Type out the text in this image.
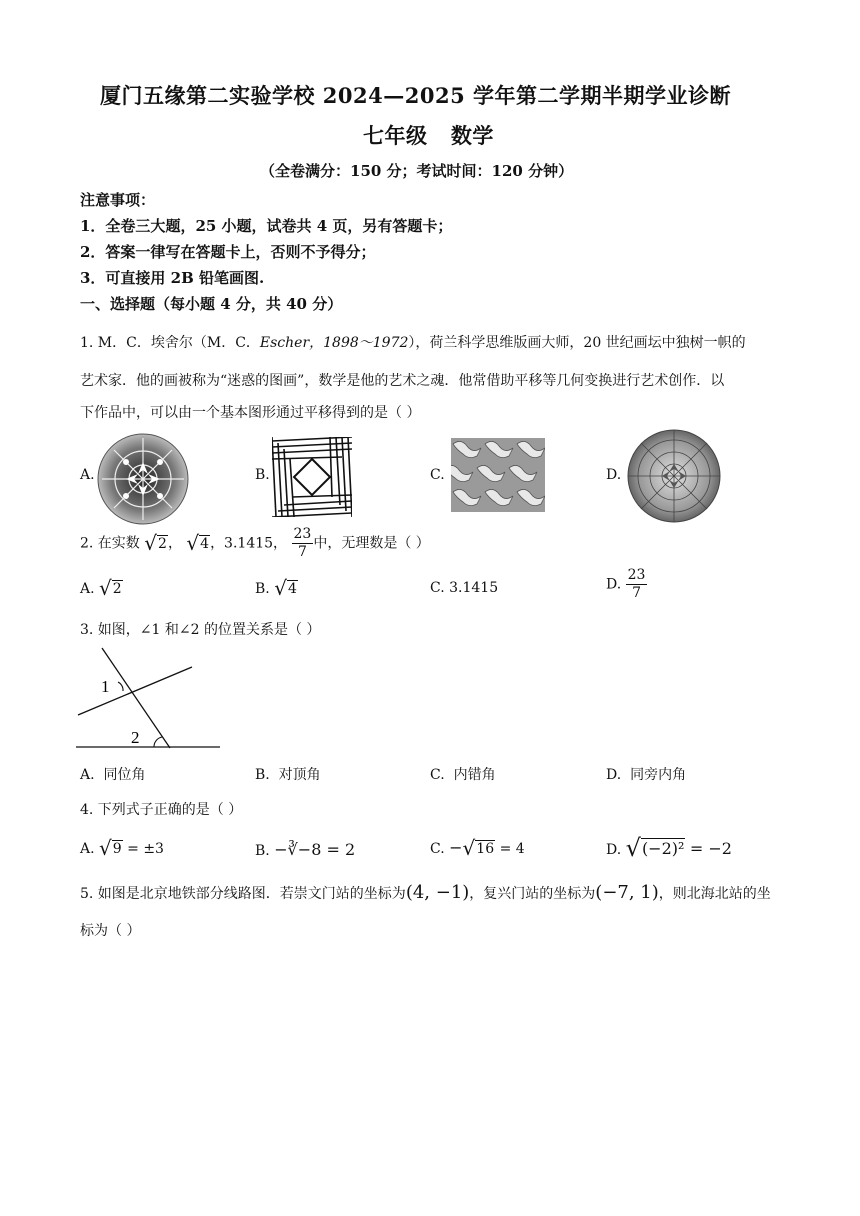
厦门五缘第二实验学校 2024—2025 学年第二学期半期学业诊断
七年级   数学
（全卷满分：150 分；考试时间：120 分钟）
注意事项：
1．全卷三大题，25 小题，试卷共 4 页，另有答题卡；
2．答案一律写在答题卡上，否则不予得分；
3．可直接用 2B 铅笔画图.
一、选择题（每小题 4 分，共 40 分）
1. M．C．埃舍尔（M．C．Escher，1898～1972），荷兰科学思维版画大师，20 世纪画坛中独树一帜的
艺术家．他的画被称为“迷惑的图画”，数学是他的艺术之魂．他常借助平移等几何变换进行艺术创作．以
下作品中，可以由一个基本图形通过平移得到的是（ ）
A.	B.	C.	D.
2. 在实数 √2， √4，3.1415， $\frac{23}{7}$ 中，无理数是（ ）
A. √2	B. √4	C. 3.1415	D. $\frac{23}{7}$
3. 如图，∠1 和∠2 的位置关系是（ ）
1
2
A.  同位角	B.  对顶角	C.  内错角	D.  同旁内角
4. 下列式子正确的是（ ）
A. √9 = ±3	B. −∛−8 = 2	C. −√16 = 4	D. √(−2)² = −2
5. 如图是北京地铁部分线路图．若崇文门站的坐标为(4, −1)，复兴门站的坐标为(−7, 1)，则北海北站的坐
标为（ ）
